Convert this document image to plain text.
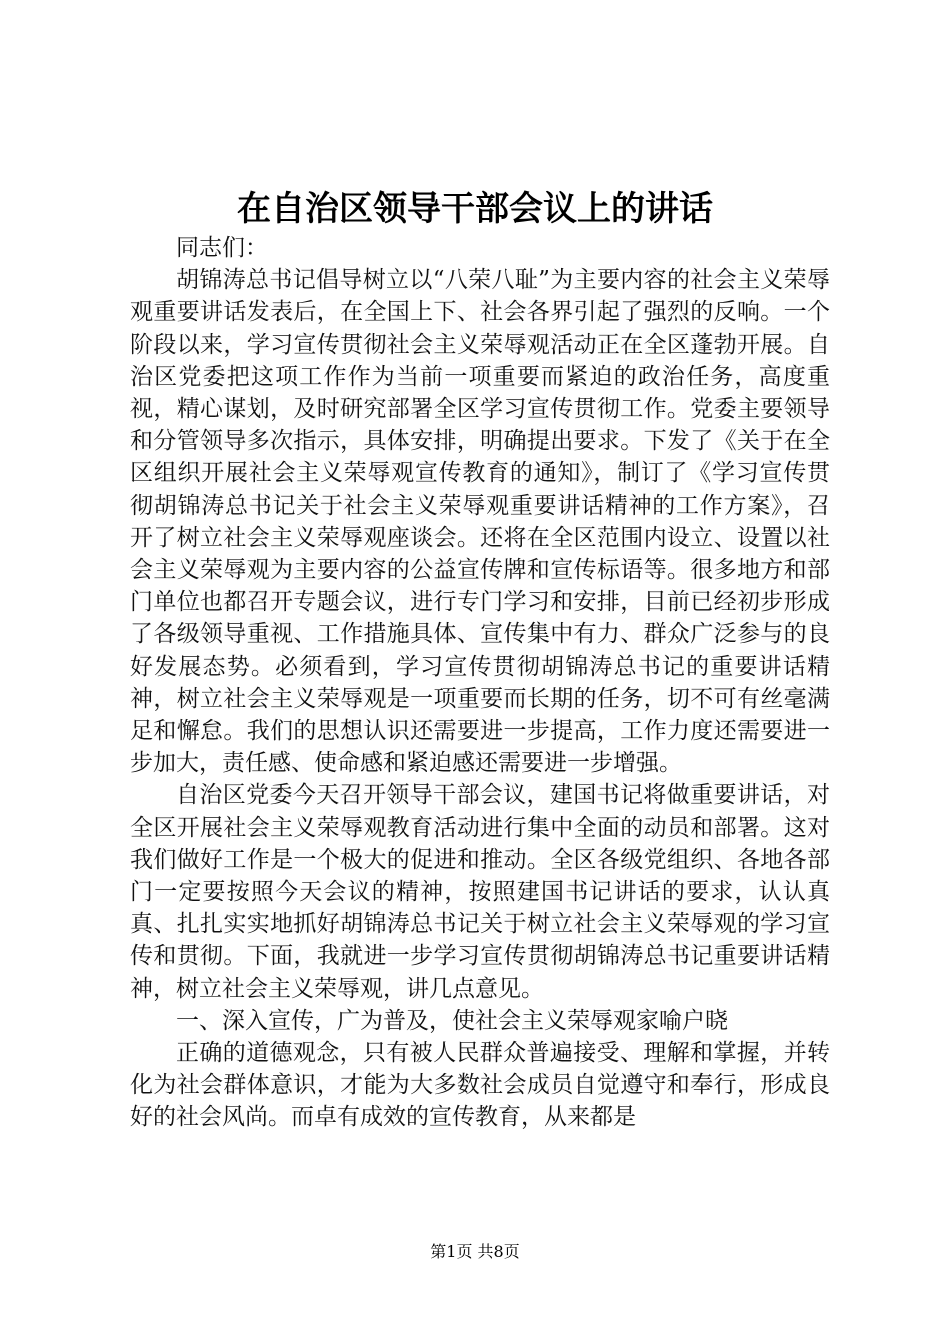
在自治区领导干部会议上的讲话

同志们：

胡锦涛总书记倡导树立以“八荣八耻”为主要内容的社会主义荣辱观重要讲话发表后，在全国上下、社会各界引起了强烈的反响。一个阶段以来，学习宣传贯彻社会主义荣辱观活动正在全区蓬勃开展。自治区党委把这项工作作为当前一项重要而紧迫的政治任务，高度重视，精心谋划，及时研究部署全区学习宣传贯彻工作。党委主要领导和分管领导多次指示，具体安排，明确提出要求。下发了《关于在全区组织开展社会主义荣辱观宣传教育的通知》，制订了《学习宣传贯彻胡锦涛总书记关于社会主义荣辱观重要讲话精神的工作方案》，召开了树立社会主义荣辱观座谈会。还将在全区范围内设立、设置以社会主义荣辱观为主要内容的公益宣传牌和宣传标语等。很多地方和部门单位也都召开专题会议，进行专门学习和安排，目前已经初步形成了各级领导重视、工作措施具体、宣传集中有力、群众广泛参与的良好发展态势。必须看到，学习宣传贯彻胡锦涛总书记的重要讲话精神，树立社会主义荣辱观是一项重要而长期的任务，切不可有丝毫满足和懈怠。我们的思想认识还需要进一步提高，工作力度还需要进一步加大，责任感、使命感和紧迫感还需要进一步增强。

自治区党委今天召开领导干部会议，建国书记将做重要讲话，对全区开展社会主义荣辱观教育活动进行集中全面的动员和部署。这对我们做好工作是一个极大的促进和推动。全区各级党组织、各地各部门一定要按照今天会议的精神，按照建国书记讲话的要求，认认真真、扎扎实实地抓好胡锦涛总书记关于树立社会主义荣辱观的学习宣传和贯彻。下面，我就进一步学习宣传贯彻胡锦涛总书记重要讲话精神，树立社会主义荣辱观，讲几点意见。

一、深入宣传，广为普及，使社会主义荣辱观家喻户晓

正确的道德观念，只有被人民群众普遍接受、理解和掌握，并转化为社会群体意识，才能为大多数社会成员自觉遵守和奉行，形成良好的社会风尚。而卓有成效的宣传教育，从来都是

第1页 共8页
